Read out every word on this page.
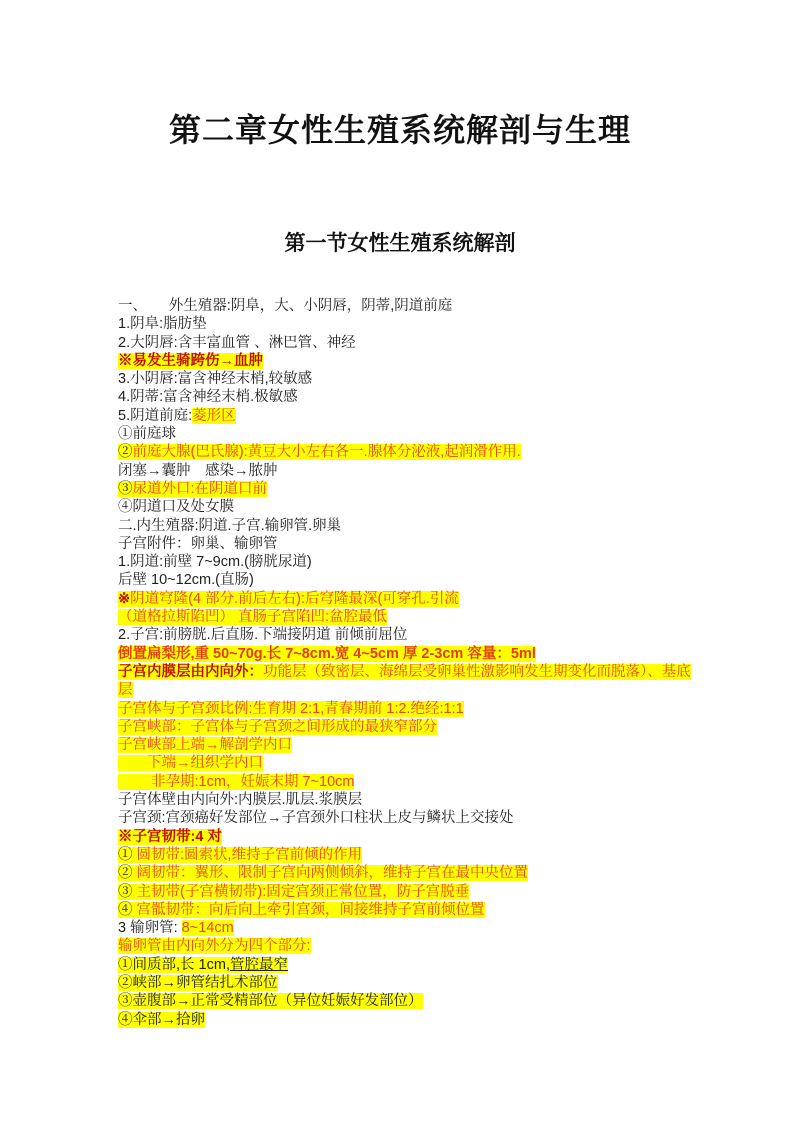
第二章女性生殖系统解剖与生理
第一节女性生殖系统解剖
一、　　外生殖器:阴阜，大、小阴唇，阴蒂,阴道前庭
1.阴阜:脂肪垫
2.大阴唇:含丰富血管 、淋巴管、神经
※易发生骑跨伤→血肿
3.小阴唇:富含神经末梢,较敏感
4.阴蒂:富含神经末梢.极敏感
5.阴道前庭:菱形区
①前庭球
②前庭大腺(巴氏腺):黄豆大小左右各一.腺体分泌液,起润滑作用.
闭塞→囊肿　感染→脓肿
③尿道外口:在阴道口前
④阴道口及处女膜
二.内生殖器:阴道.子宫.输卵管.卵巢
子宫附件：卵巢、输卵管
1.阴道:前壁 7~9cm.(膀胱尿道)
后壁 10~12cm.(直肠)
※阴道穹隆(4 部分.前后左右):后穹隆最深(可穿孔.引流
（道格拉斯陷凹） 直肠子宫陷凹:盆腔最低
2.子宫:前膀胱.后直肠.下端接阴道 前倾前屈位
倒置扁梨形,重 50~70g.长 7~8cm.宽 4~5cm 厚 2-3cm 容量：5ml
子宫内膜层由内向外：功能层（致密层、海绵层受卵巢性激影响发生期变化而脱落）、基底
层
子宫体与子宫颈比例:生育期 2:1,青春期前 1:2.绝经:1:1
子宫峡部：子宫体与子宫颈之间形成的最狭窄部分
子宫峡部上端→解剖学内口
　　下端→组织学内口
　　 非孕期:1cm，妊娠末期 7~10cm
子宫体壁由内向外:内膜层.肌层.浆膜层
子宫颈:宫颈癌好发部位→子宫颈外口柱状上皮与鳞状上交接处
※子宫韧带:4 对
① 圆韧带:圆索状,维持子宫前倾的作用
② 阔韧带：翼形、限制子宫向两侧倾斜，维持子宫在最中央位置
③ 主韧带(子宫横韧带):固定宫颈正常位置，防子宫脱垂
④ 宫骶韧带：向后向上牵引宫颈，间接维持子宫前倾位置
3 输卵管: 8~14cm
输卵管由内向外分为四个部分:
①间质部,长 1cm,管腔最窄
②峡部→卵管结扎术部位
③壶腹部→正常受精部位（异位妊娠好发部位）
④伞部→拾卵
